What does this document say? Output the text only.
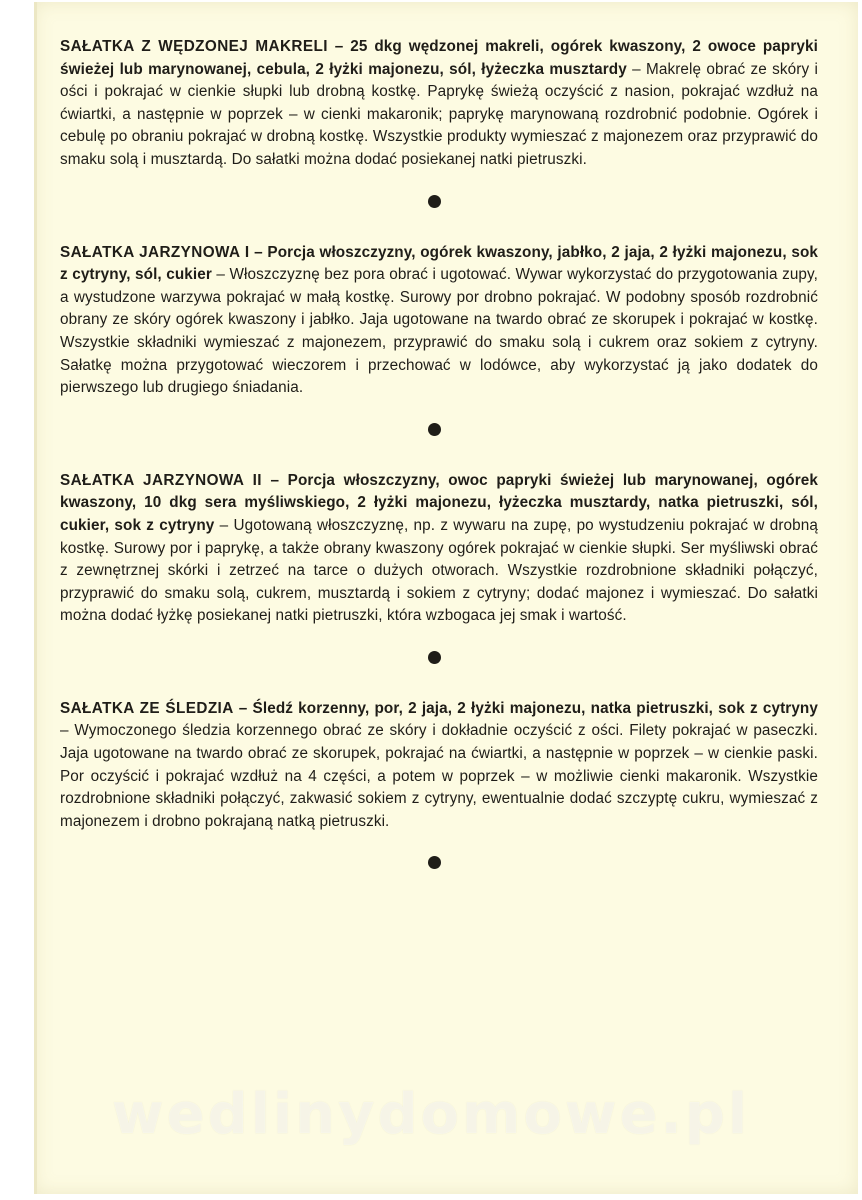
SAŁATKA Z WĘDZONEJ MAKRELI – 25 dkg wędzonej makreli, ogórek kwaszony, 2 owoce papryki świeżej lub marynowanej, cebula, 2 łyżki majonezu, sól, łyżeczka musztardy – Makrelę obrać ze skóry i ości i pokrajać w cienkie słupki lub drobną kostkę. Paprykę świeżą oczyścić z nasion, pokrajać wzdłuż na ćwiartki, a następnie w poprzek – w cienki makaronik; paprykę marynowaną rozdrobnić podobnie. Ogórek i cebulę po obraniu pokrajać w drobną kostkę. Wszystkie produkty wymieszać z majonezem oraz przyprawić do smaku solą i musztardą. Do sałatki można dodać posiekanej natki pietruszki.

SAŁATKA JARZYNOWA I – Porcja włoszczyzny, ogórek kwaszony, jabłko, 2 jaja, 2 łyżki majonezu, sok z cytryny, sól, cukier – Włoszczyznę bez pora obrać i ugotować. Wywar wykorzystać do przygotowania zupy, a wystudzone warzywa pokrajać w małą kostkę. Surowy por drobno pokrajać. W podobny sposób rozdrobnić obrany ze skóry ogórek kwaszony i jabłko. Jaja ugotowane na twardo obrać ze skorupek i pokrajać w kostkę. Wszystkie składniki wymieszać z majonezem, przyprawić do smaku solą i cukrem oraz sokiem z cytryny. Sałatkę można przygotować wieczorem i przechować w lodówce, aby wykorzystać ją jako dodatek do pierwszego lub drugiego śniadania.

SAŁATKA JARZYNOWA II – Porcja włoszczyzny, owoc papryki świeżej lub marynowanej, ogórek kwaszony, 10 dkg sera myśliwskiego, 2 łyżki majonezu, łyżeczka musztardy, natka pietruszki, sól, cukier, sok z cytryny – Ugotowaną włoszczyznę, np. z wywaru na zupę, po wystudzeniu pokrajać w drobną kostkę. Surowy por i paprykę, a także obrany kwaszony ogórek pokrajać w cienkie słupki. Ser myśliwski obrać z zewnętrznej skórki i zetrzeć na tarce o dużych otworach. Wszystkie rozdrobnione składniki połączyć, przyprawić do smaku solą, cukrem, musztardą i sokiem z cytryny; dodać majonez i wymieszać. Do sałatki można dodać łyżkę posiekanej natki pietruszki, która wzbogaca jej smak i wartość.

SAŁATKA ZE ŚLEDZIA – Śledź korzenny, por, 2 jaja, 2 łyżki majonezu, natka pietruszki, sok z cytryny – Wymoczonego śledzia korzennego obrać ze skóry i dokładnie oczyścić z ości. Filety pokrajać w paseczki. Jaja ugotowane na twardo obrać ze skorupek, pokrajać na ćwiartki, a następnie w poprzek – w cienkie paski. Por oczyścić i pokrajać wzdłuż na 4 części, a potem w poprzek – w możliwie cienki makaronik. Wszystkie rozdrobnione składniki połączyć, zakwasić sokiem z cytryny, ewentualnie dodać szczyptę cukru, wymieszać z majonezem i drobno pokrajaną natką pietruszki.

wedlinydomowe.pl
